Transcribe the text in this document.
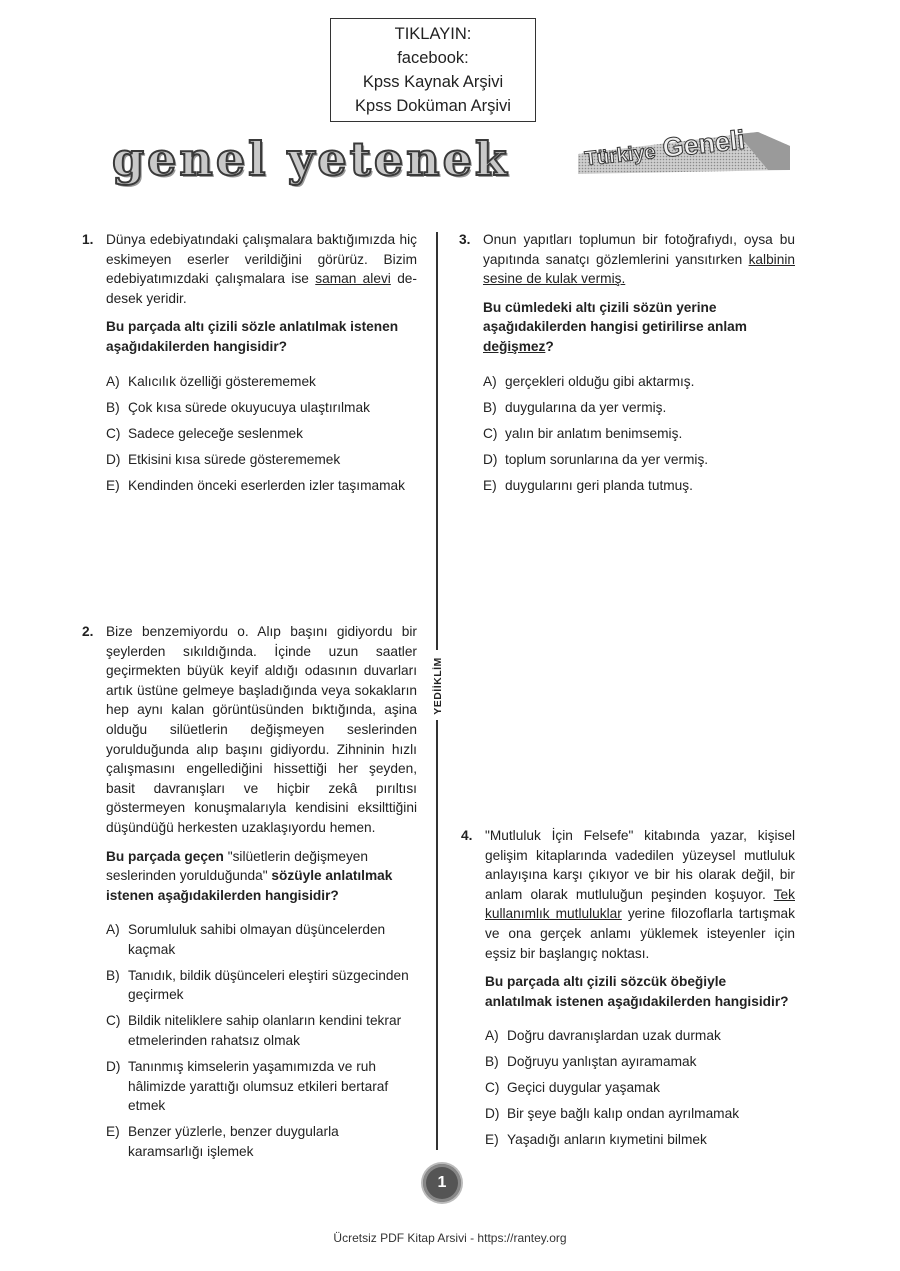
TIKLAYIN:
facebook:
Kpss Kaynak Arşivi
Kpss Doküman Arşivi
genel yetenek	Türkiye Geneli
YEDİİKLİM
1. Dünya edebiyatındaki çalışmalara baktığımızda hiç eskimeyen eserler verildiğini görürüz. Bizim edebiyatımızdaki çalışmalara ise saman alevi de-desek yeridir.

Bu parçada altı çizili sözle anlatılmak istenen aşağıdakilerden hangisidir?

A) Kalıcılık özelliği gösterememek
B) Çok kısa sürede okuyucuya ulaştırılmak
C) Sadece geleceğe seslenmek
D) Etkisini kısa sürede gösterememek
E) Kendinden önceki eserlerden izler taşımamak
2. Bize benzemiyordu o. Alıp başını gidiyordu bir şeylerden sıkıldığında. İçinde uzun saatler geçirmekten büyük keyif aldığı odasının duvarları artık üstüne gelmeye başladığında veya sokakların hep aynı kalan görüntüsünden bıktığında, aşina olduğu silüetlerin değişmeyen seslerinden yorulduğunda alıp başını gidiyordu. Zihninin hızlı çalışmasını engellediğini hissettiği her şeyden, basit davranışları ve hiçbir zekâ pırıltısı göstermeyen konuşmalarıyla kendisini eksilttiğini düşündüğü herkesten uzaklaşıyordu hemen.

Bu parçada geçen "silüetlerin değişmeyen seslerinden yorulduğunda" sözüyle anlatılmak istenen aşağıdakilerden hangisidir?

A) Sorumluluk sahibi olmayan düşüncelerden kaçmak
B) Tanıdık, bildik düşünceleri eleştiri süzgecinden geçirmek
C) Bildik niteliklere sahip olanların kendini tekrar etmelerinden rahatsız olmak
D) Tanınmış kimselerin yaşamımızda ve ruh hâlimizde yarattığı olumsuz etkileri bertaraf etmek
E) Benzer yüzlerle, benzer duygularla karamsarlığı işlemek
3. Onun yapıtları toplumun bir fotoğrafıydı, oysa bu yapıtında sanatçı gözlemlerini yansıtırken kalbinin sesine de kulak vermiş.

Bu cümledeki altı çizili sözün yerine aşağıdakilerden hangisi getirilirse anlam değişmez?

A) gerçekleri olduğu gibi aktarmış.
B) duygularına da yer vermiş.
C) yalın bir anlatım benimsemiş.
D) toplum sorunlarına da yer vermiş.
E) duygularını geri planda tutmuş.
4. "Mutluluk İçin Felsefe" kitabında yazar, kişisel gelişim kitaplarında vadedilen yüzeysel mutluluk anlayışına karşı çıkıyor ve bir his olarak değil, bir anlam olarak mutluluğun peşinden koşuyor. Tek kullanımlık mutluluklar yerine filozoflarla tartışmak ve ona gerçek anlamı yüklemek isteyenler için eşsiz bir başlangıç noktası.

Bu parçada altı çizili sözcük öbeğiyle anlatılmak istenen aşağıdakilerden hangisidir?

A) Doğru davranışlardan uzak durmak
B) Doğruyu yanlıştan ayıramamak
C) Geçici duygular yaşamak
D) Bir şeye bağlı kalıp ondan ayrılmamak
E) Yaşadığı anların kıymetini bilmek
1
Ücretsiz PDF Kitap Arsivi - https://rantey.org
